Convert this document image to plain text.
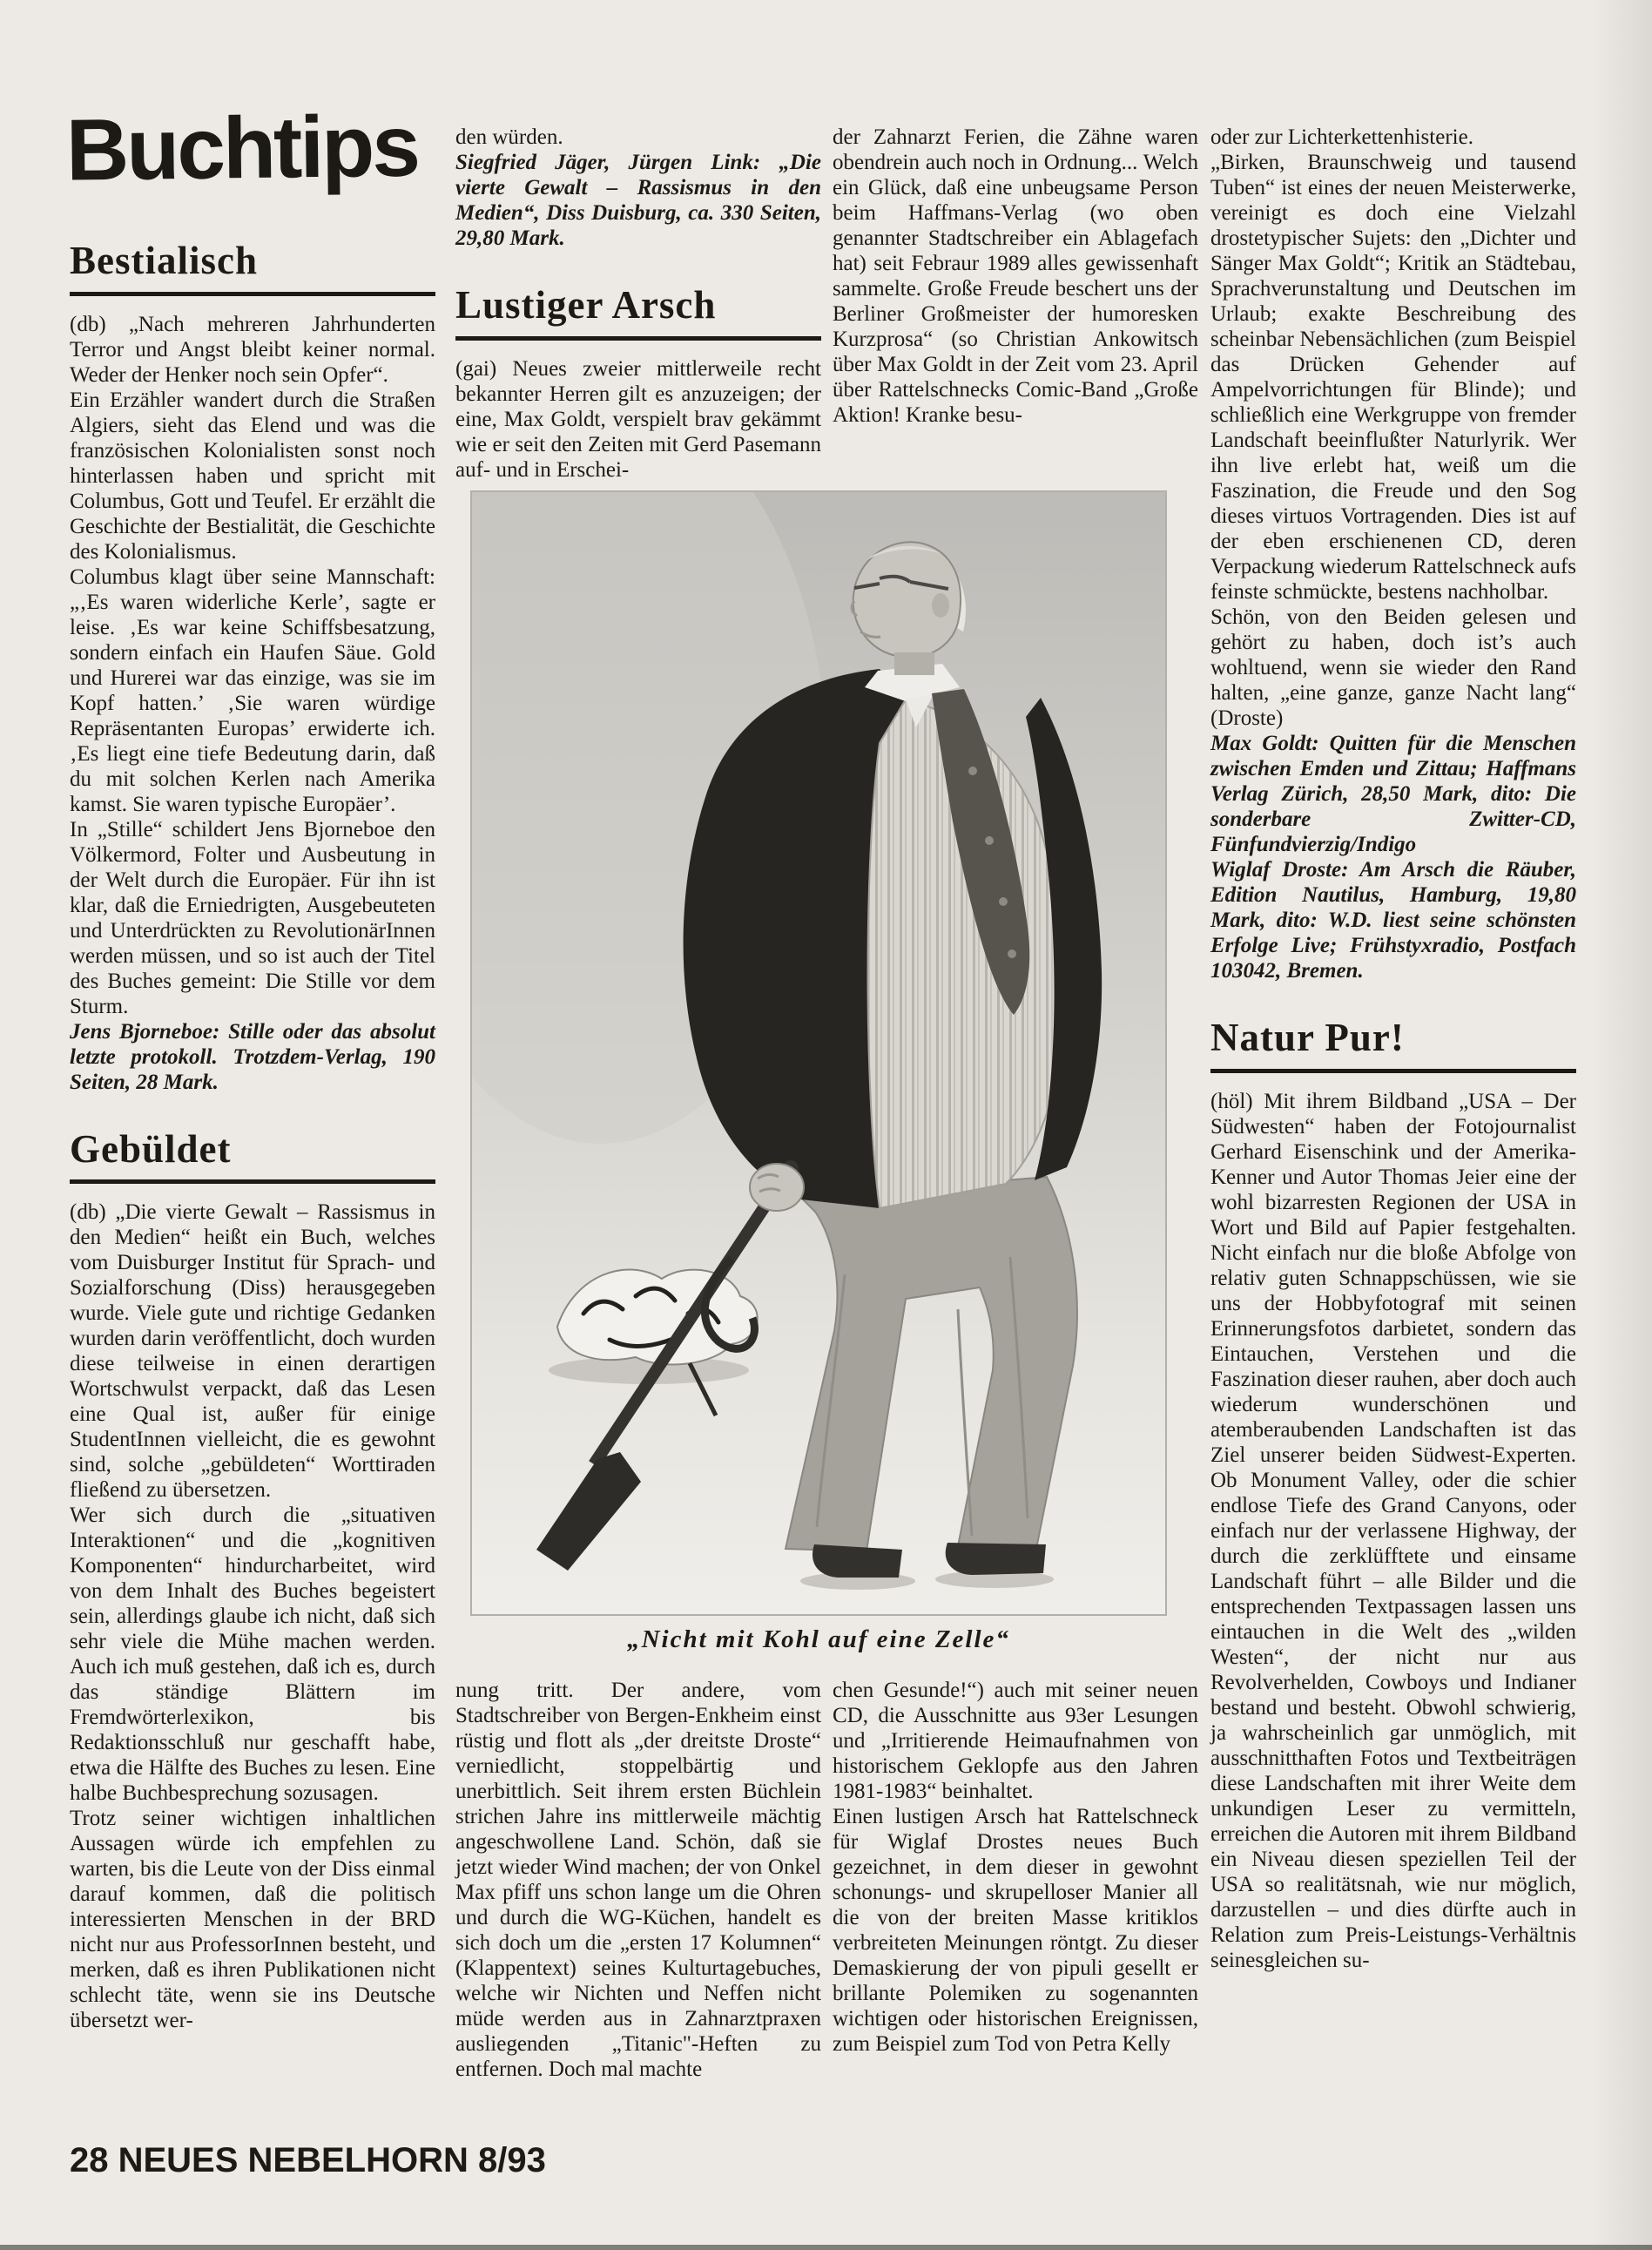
Buchtips
Bestialisch

(db) „Nach mehreren Jahrhunderten Terror und Angst bleibt keiner normal. Weder der Henker noch sein Opfer“.

Ein Erzähler wandert durch die Straßen Algiers, sieht das Elend und was die französischen Kolonialisten sonst noch hinterlassen haben und spricht mit Columbus, Gott und Teufel. Er erzählt die Geschichte der Bestialität, die Geschichte des Kolonialismus.

Columbus klagt über seine Mannschaft: „‚Es waren widerliche Kerle’, sagte er leise. ‚Es war keine Schiffsbesatzung, sondern einfach ein Haufen Säue. Gold und Hurerei war das einzige, was sie im Kopf hatten.’ ‚Sie waren würdige Repräsentanten Europas’ erwiderte ich. ‚Es liegt eine tiefe Bedeutung darin, daß du mit solchen Kerlen nach Amerika kamst. Sie waren typische Europäer’.

In „Stille“ schildert Jens Bjorneboe den Völkermord, Folter und Ausbeutung in der Welt durch die Europäer. Für ihn ist klar, daß die Erniedrigten, Ausgebeuteten und Unterdrückten zu RevolutionärInnen werden müssen, und so ist auch der Titel des Buches gemeint: Die Stille vor dem Sturm.

Jens Bjorneboe: Stille oder das absolut letzte protokoll. Trotzdem-Verlag, 190 Seiten, 28 Mark.

Gebüldet

(db) „Die vierte Gewalt – Rassismus in den Medien“ heißt ein Buch, welches vom Duisburger Institut für Sprach- und Sozialforschung (Diss) herausgegeben wurde. Viele gute und richtige Gedanken wurden darin veröffentlicht, doch wurden diese teilweise in einen derartigen Wortschwulst verpackt, daß das Lesen eine Qual ist, außer für einige StudentInnen vielleicht, die es gewohnt sind, solche „gebüldeten“ Worttiraden fließend zu übersetzen.

Wer sich durch die „situativen Interaktionen“ und die „kognitiven Komponenten“ hindurcharbeitet, wird von dem Inhalt des Buches begeistert sein, allerdings glaube ich nicht, daß sich sehr viele die Mühe machen werden. Auch ich muß gestehen, daß ich es, durch das ständige Blättern im Fremdwörterlexikon, bis Redaktionsschluß nur geschafft habe, etwa die Hälfte des Buches zu lesen. Eine halbe Buchbesprechung sozusagen.

Trotz seiner wichtigen inhaltlichen Aussagen würde ich empfehlen zu warten, bis die Leute von der Diss einmal darauf kommen, daß die politisch interessierten Menschen in der BRD nicht nur aus ProfessorInnen besteht, und merken, daß es ihren Publikationen nicht schlecht täte, wenn sie ins Deutsche übersetzt wer-

den würden.

Siegfried Jäger, Jürgen Link: „Die vierte Gewalt – Rassismus in den Medien“, Diss Duisburg, ca. 330 Seiten, 29,80 Mark.

Lustiger Arsch

(gai) Neues zweier mittlerweile recht bekannter Herren gilt es anzuzeigen; der eine, Max Goldt, verspielt brav gekämmt wie er seit den Zeiten mit Gerd Pasemann auf- und in Erschei-

der Zahnarzt Ferien, die Zähne waren obendrein auch noch in Ordnung... Welch ein Glück, daß eine unbeugsame Person beim Haffmans-Verlag (wo oben genannter Stadtschreiber ein Ablagefach hat) seit Febraur 1989 alles gewissenhaft sammelte. Große Freude beschert uns der Berliner Großmeister der humoresken Kurzprosa“ (so Christian Ankowitsch über Max Goldt in der Zeit vom 23. April über Rattelschnecks Comic-Band „Große Aktion! Kranke besu-

oder zur Lichterkettenhisterie.

„Birken, Braunschweig und tausend Tuben“ ist eines der neuen Meisterwerke, vereinigt es doch eine Vielzahl drostetypischer Sujets: den „Dichter und Sänger Max Goldt“; Kritik an Städtebau, Sprachverunstaltung und Deutschen im Urlaub; exakte Beschreibung des scheinbar Nebensächlichen (zum Beispiel das Drücken Gehender auf Ampelvorrichtungen für Blinde); und schließlich eine Werkgruppe von fremder Landschaft beeinflußter Naturlyrik. Wer ihn live erlebt hat, weiß um die Faszination, die Freude und den Sog dieses virtuos Vortragenden. Dies ist auf der eben erschienenen CD, deren Verpackung wiederum Rattelschneck aufs feinste schmückte, bestens nachholbar.

Schön, von den Beiden gelesen und gehört zu haben, doch ist’s auch wohltuend, wenn sie wieder den Rand halten, „eine ganze, ganze Nacht lang“ (Droste)

Max Goldt: Quitten für die Menschen zwischen Emden und Zittau; Haffmans Verlag Zürich, 28,50 Mark, dito: Die sonderbare Zwitter-CD, Fünfundvierzig/Indigo

Wiglaf Droste: Am Arsch die Räuber, Edition Nautilus, Hamburg, 19,80 Mark, dito: W.D. liest seine schönsten Erfolge Live; Frühstyxradio, Postfach 103042, Bremen.

Natur Pur!

(höl) Mit ihrem Bildband „USA – Der Südwesten“ haben der Fotojournalist Gerhard Eisenschink und der Amerika-Kenner und Autor Thomas Jeier eine der wohl bizarresten Regionen der USA in Wort und Bild auf Papier festgehalten. Nicht einfach nur die bloße Abfolge von relativ guten Schnappschüssen, wie sie uns der Hobbyfotograf mit seinen Erinnerungsfotos darbietet, sondern das Eintauchen, Verstehen und die Faszination dieser rauhen, aber doch auch wiederum wunderschönen und atemberaubenden Landschaften ist das Ziel unserer beiden Südwest-Experten. Ob Monument Valley, oder die schier endlose Tiefe des Grand Canyons, oder einfach nur der verlassene Highway, der durch die zerklüfftete und einsame Landschaft führt – alle Bilder und die entsprechenden Textpassagen lassen uns eintauchen in die Welt des „wilden Westen“, der nicht nur aus Revolverhelden, Cowboys und Indianer bestand und besteht. Obwohl schwierig, ja wahrscheinlich gar unmöglich, mit ausschnitthaften Fotos und Textbeiträgen diese Landschaften mit ihrer Weite dem unkundigen Leser zu vermitteln, erreichen die Autoren mit ihrem Bildband ein Niveau diesen speziellen Teil der USA so realitätsnah, wie nur möglich, darzustellen – und dies dürfte auch in Relation zum Preis-Leistungs-Verhältnis seinesgleichen su-

„Nicht mit Kohl auf eine Zelle“

nung tritt. Der andere, vom Stadtschreiber von Bergen-Enkheim einst rüstig und flott als „der dreitste Droste“ verniedlicht, stoppelbärtig und unerbittlich. Seit ihrem ersten Büchlein strichen Jahre ins mittlerweile mächtig angeschwollene Land. Schön, daß sie jetzt wieder Wind machen; der von Onkel Max pfiff uns schon lange um die Ohren und durch die WG-Küchen, handelt es sich doch um die „ersten 17 Kolumnen“ (Klappentext) seines Kulturtagebuches, welche wir Nichten und Neffen nicht müde werden aus in Zahnarztpraxen ausliegenden „Titanic"-Heften zu entfernen. Doch mal machte

chen Gesunde!“) auch mit seiner neuen CD, die Ausschnitte aus 93er Lesungen und „Irritierende Heimaufnahmen von historischem Geklopfe aus den Jahren 1981-1983“ beinhaltet.

Einen lustigen Arsch hat Rattelschneck für Wiglaf Drostes neues Buch gezeichnet, in dem dieser in gewohnt schonungs- und skrupelloser Manier all die von der breiten Masse kritiklos verbreiteten Meinungen röntgt. Zu dieser Demaskierung der von pipuli gesellt er brillante Polemiken zu sogenannten wichtigen oder historischen Ereignissen, zum Beispiel zum Tod von Petra Kelly

28 NEUES NEBELHORN 8/93
